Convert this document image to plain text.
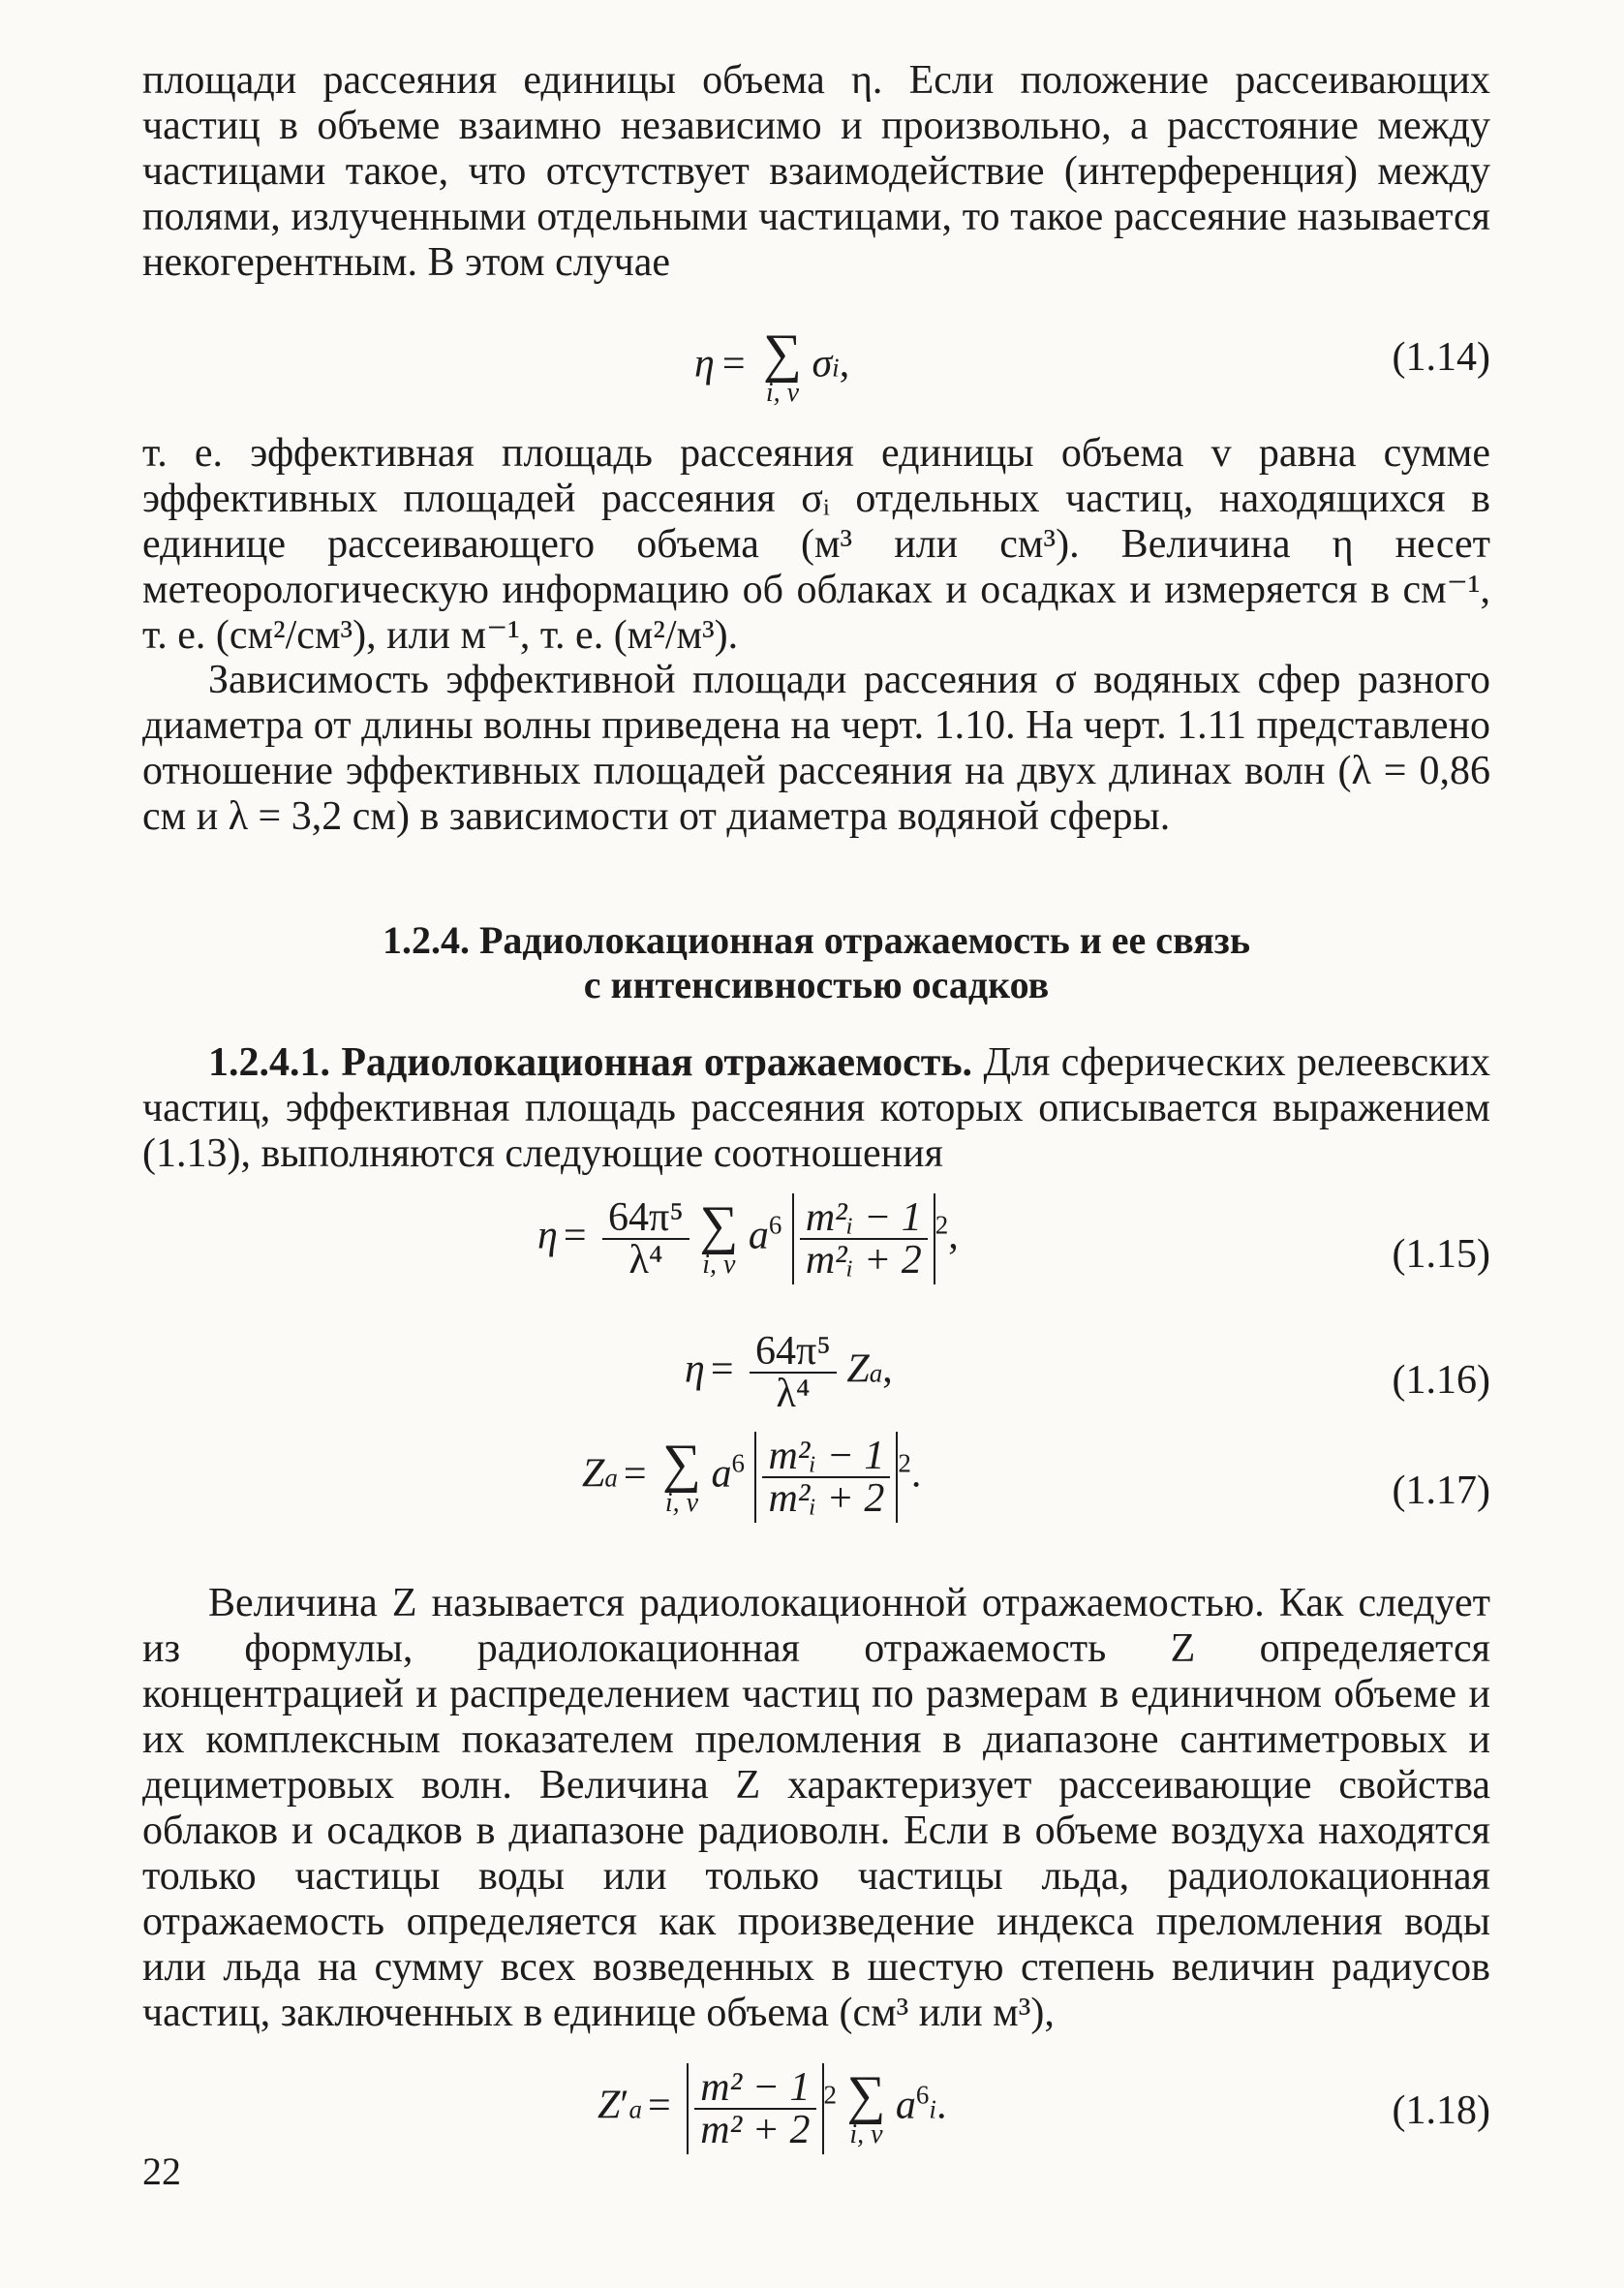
площади рассеяния единицы объема η. Если положение рассеивающих частиц в объеме взаимно независимо и произвольно, а расстояние между частицами такое, что отсутствует взаимодействие (интерференция) между полями, излученными отдельными частицами, то такое рассеяние называется некогерентным. В этом случае

η = ∑
i, v
σi,	(1.14)

т. е. эффективная площадь рассеяния единицы объема v равна сумме эффективных площадей рассеяния σᵢ отдельных частиц, находящихся в единице рассеивающего объема (м³ или см³). Величина η несет метеорологическую информацию об облаках и осадках и измеряется в см⁻¹, т. е. (см²/см³), или м⁻¹, т. е. (м²/м³).

Зависимость эффективной площади рассеяния σ водяных сфер разного диаметра от длины волны приведена на черт. 1.10. На черт. 1.11 представлено отношение эффективных площадей рассеяния на двух длинах волн (λ = 0,86 см и λ = 3,2 см) в зависимости от диаметра водяной сферы.

1.2.4. Радиолокационная отражаемость и ее связь
с интенсивностью осадков

1.2.4.1. Радиолокационная отражаемость. Для сферических релеевских частиц, эффективная площадь рассеяния которых описывается выражением (1.13), выполняются следующие соотношения

$\eta = \frac{\text{64π⁵}}{\text{λ⁴}}$
∑
i, v
$a^6 \frac{\text{m²ᵢ − 1}}{\text{m²ᵢ + 2}} ^2$,	(1.15)
$\eta = \frac{\text{64π⁵}}{\text{λ⁴}} Za$,	(1.16)
Za = ∑
i, v
$a^6 \frac{\text{m²ᵢ − 1}}{\text{m²ᵢ + 2}} ^2$.	(1.17)

Величина Z называется радиолокационной отражаемостью. Как следует из формулы, радиолокационная отражаемость Z определяется концентрацией и распределением частиц по размерам в единичном объеме и их комплексным показателем преломления в диапазоне сантиметровых и дециметровых волн. Величина Z характеризует рассеивающие свойства облаков и осадков в диапазоне радиоволн. Если в объеме воздуха находятся только частицы воды или только частицы льда, радиолокационная отражаемость определяется как произведение индекса преломления воды или льда на сумму всех возведенных в шестую степень величин радиусов частиц, заключенных в единице объема (см³ или м³),

$Z'a = \frac{\text{m² − 1}}{\text{m² + 2}} ^2$ ∑
i, v
$a^6i$.	(1.18)
22
